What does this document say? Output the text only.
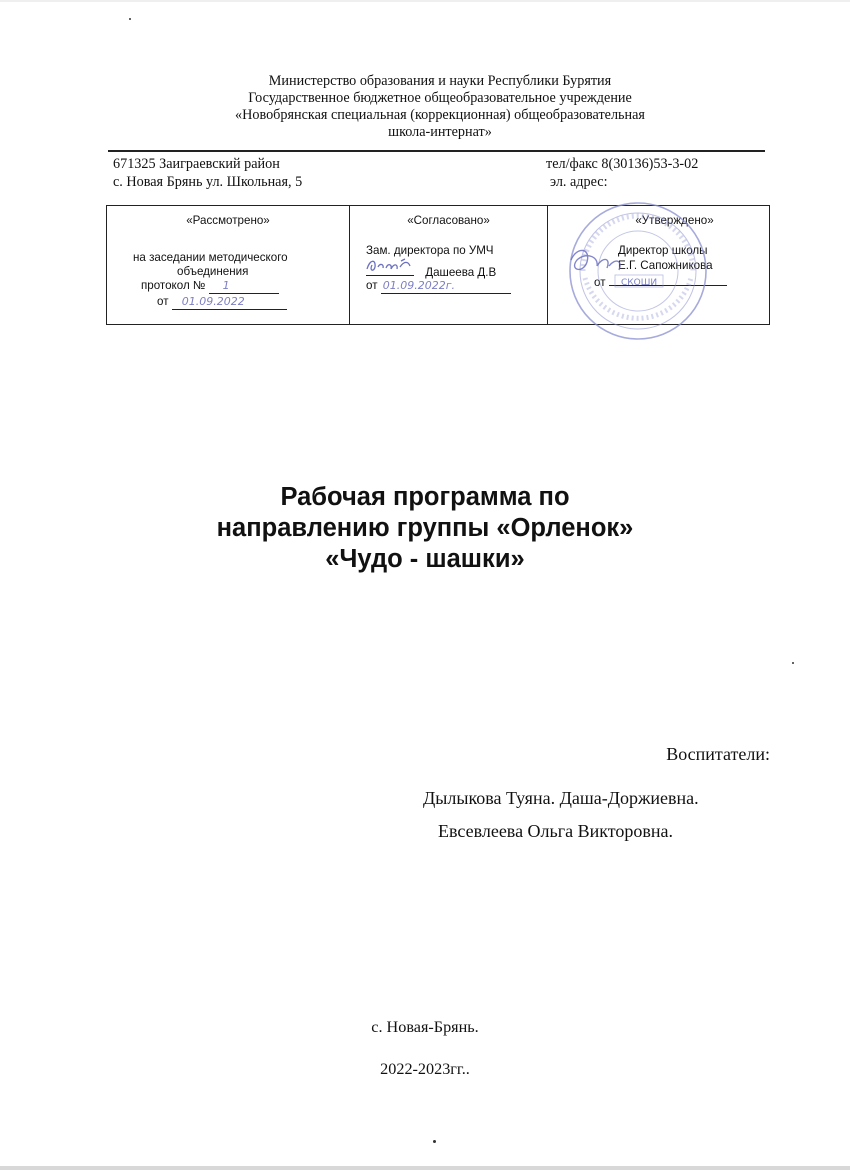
Министерство образования и науки Республики Бурятия
Государственное бюджетное общеобразовательное учреждение
«Новобрянская специальная (коррекционная) общеобразовательная
школа-интернат»
671325 Заиграевский район
с. Новая Брянь ул. Школьная, 5
тел/факс 8(30136)53-3-02
эл. адрес:
«Рассмотрено»
на заседании методического
объединения
протокол № 1
от 01.09.2022
«Согласовано»
Зам. директора по УМЧ
Дашеева Д.В
от 01.09.2022г.
«Утверждено»
Директор школы
Е.Г. Сапожникова
от	СКОШИ
Рабочая программа по
направлению группы «Орленок»
«Чудо - шашки»
Воспитатели:
Дылыкова Туяна. Даша-Доржиевна.
Евсевлеева Ольга Викторовна.
с. Новая-Брянь.
2022-2023гг..
